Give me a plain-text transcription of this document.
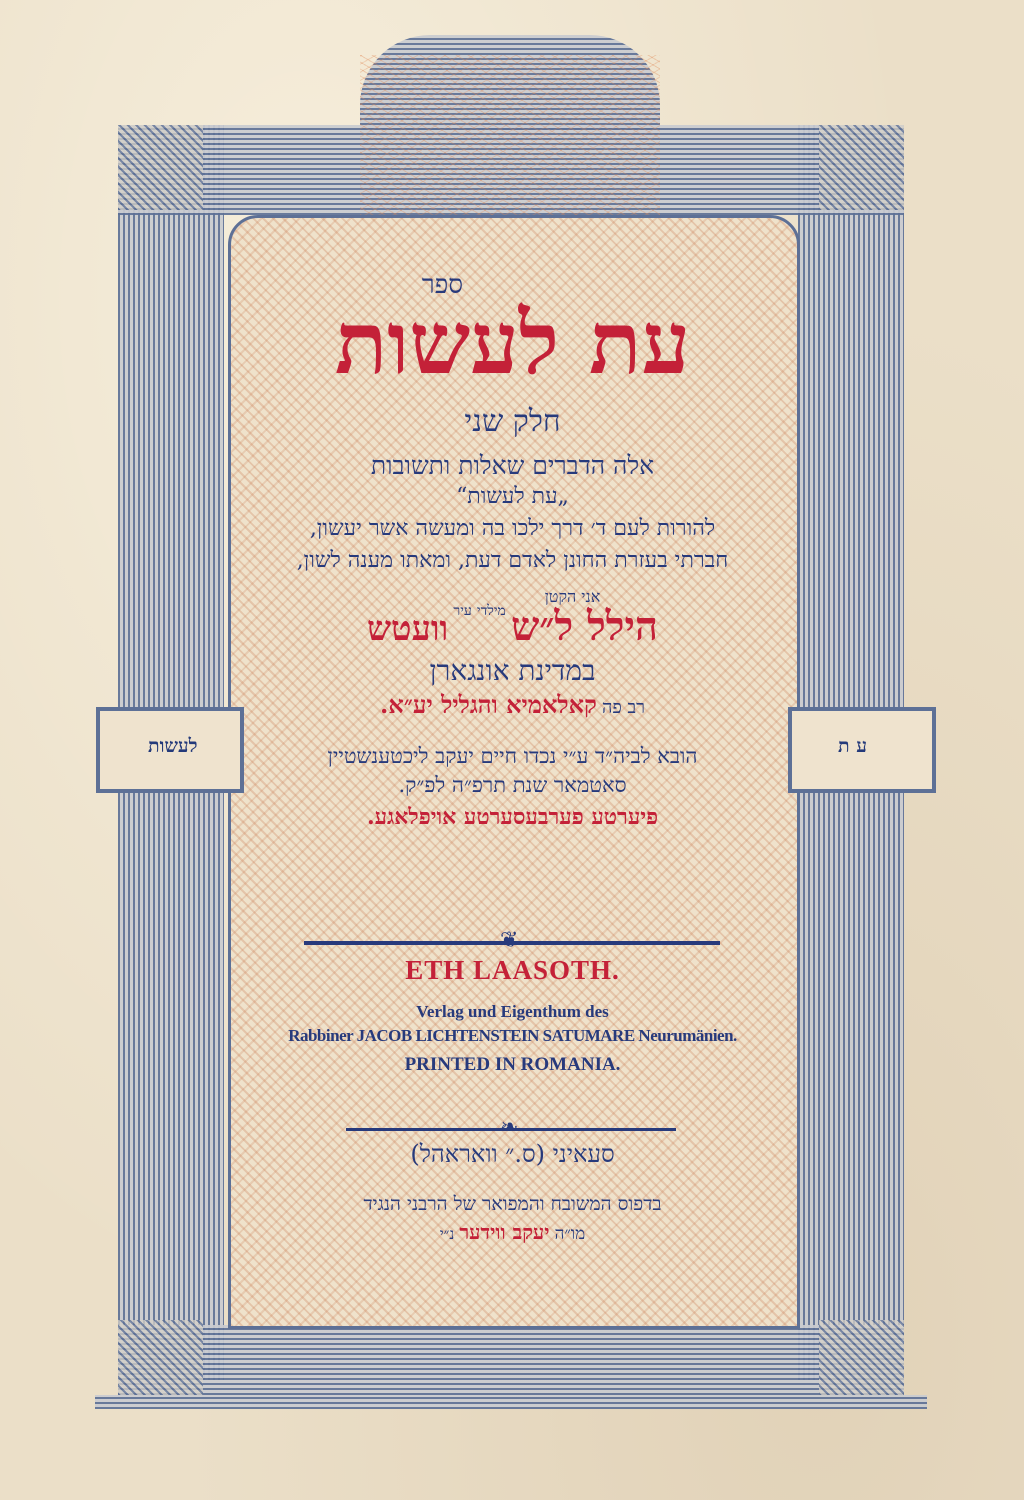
לעשות	ע ת
ספר
עת לעשות
חלק שני
אלה הדברים שאלות ותשובות
„עת לעשות“
להורות לעם ד׳ דרך ילכו בה ומעשה אשר יעשון,
חברתי בעזרת החונן לאדם דעת, ומאתו מענה לשון,
אני הקטן
הילל ל״ש מילדי עיר וועטש
במדינת אונגארן
רב פה קאלאמיא והגליל יע״א.
הובא לביה״ד ע״י נכדו חיים יעקב ליכטענשטיין
סאטמאר שנת תרפ״ה לפ״ק.
פיערטע פערבעסערטע אויפלאגע.
❦
ETH LAASOTH.
Verlag und Eigenthum des
Rabbiner JACOB LICHTENSTEIN SATUMARE Neurumänien.
PRINTED IN ROMANIA.
❧
סעאיני (ס.״ וואראהל)
בדפוס המשובח והמפואר של הרבני הנגיד
מו״ה יעקב ווידער נ״י
